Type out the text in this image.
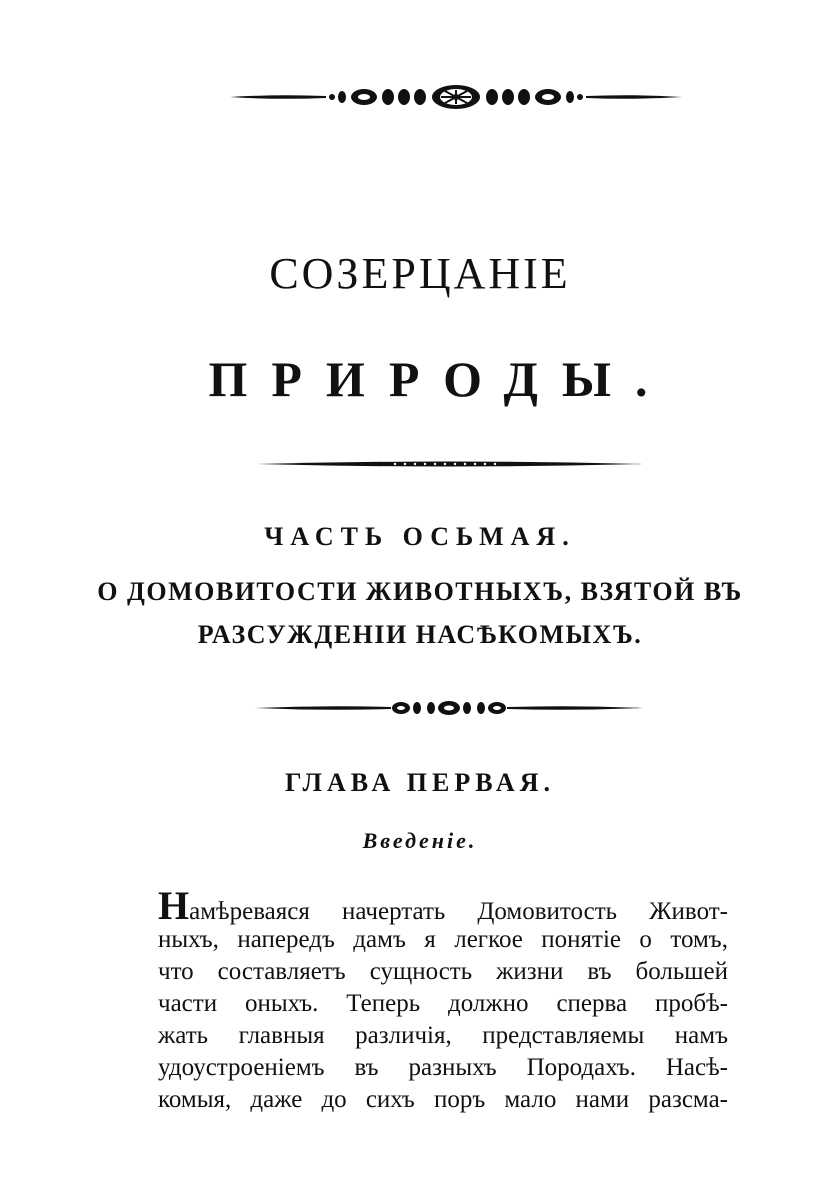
СОЗЕРЦАНІЕ
ПРИРОДЫ.
ЧАСТЬ ОСЬМАЯ.
О ДОМОВИТОСТИ ЖИВОТНЫХЪ, ВЗЯТОЙ ВЪ
РАЗСУЖДЕНІИ НАСѢКОМЫХЪ.
ГЛАВА ПЕРВАЯ.
Введеніе.
Намѣреваяся начертать Домовитость Живот-
ныхъ, напередъ дамъ я легкое понятіе о томъ,
что составляетъ сущность жизни въ большей
части оныхъ. Теперь должно сперва пробѣ-
жать главныя различія, представляемы намъ
удоустроеніемъ въ разныхъ Породахъ. Насѣ-
комыя, даже до сихъ поръ мало нами разсма-
